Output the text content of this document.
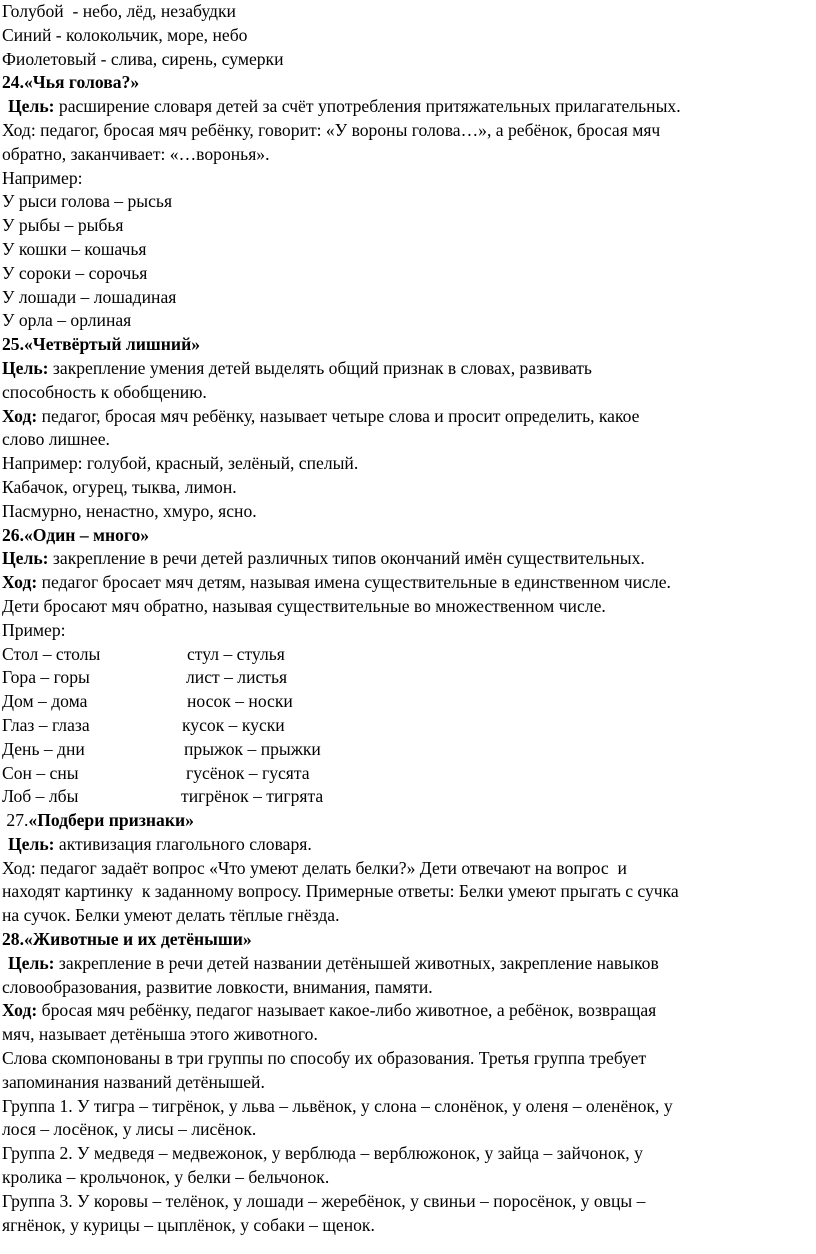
Голубой  - небо, лёд, незабудки
Синий - колокольчик, море, небо
Фиолетовый - слива, сирень, сумерки
24.«Чья голова?»
Цель: расширение словаря детей за счёт употребления притяжательных прилагательных.
Ход: педагог, бросая мяч ребёнку, говорит: «У вороны голова…», а ребёнок, бросая мяч
обратно, заканчивает: «…воронья».
Например:
У рыси голова – рысья
У рыбы – рыбья
У кошки – кошачья
У сороки – сорочья
У лошади – лошадиная
У орла – орлиная
25.«Четвёртый лишний»
Цель: закрепление умения детей выделять общий признак в словах, развивать
способность к обобщению.
Ход: педагог, бросая мяч ребёнку, называет четыре слова и просит определить, какое
слово лишнее.
Например: голубой, красный, зелёный, спелый.
Кабачок, огурец, тыква, лимон.
Пасмурно, ненастно, хмуро, ясно.
26.«Один – много»
Цель: закрепление в речи детей различных типов окончаний имён существительных.
Ход: педагог бросает мяч детям, называя имена существительные в единственном числе.
Дети бросают мяч обратно, называя существительные во множественном числе.
Пример:
Стол – столы	стул – стулья
Гора – горы	лист – листья
Дом – дома	носок – носки
Глаз – глаза	кусок – куски
День – дни	прыжок – прыжки
Сон – сны	гусёнок – гусята
Лоб – лбы	тигрёнок – тигрята
27.«Подбери признаки»
Цель: активизация глагольного словаря.
Ход: педагог задаёт вопрос «Что умеют делать белки?» Дети отвечают на вопрос  и
находят картинку  к заданному вопросу. Примерные ответы: Белки умеют прыгать с сучка
на сучок. Белки умеют делать тёплые гнёзда.
28.«Животные и их детёныши»
Цель: закрепление в речи детей названии детёнышей животных, закрепление навыков
словообразования, развитие ловкости, внимания, памяти.
Ход: бросая мяч ребёнку, педагог называет какое-либо животное, а ребёнок, возвращая
мяч, называет детёныша этого животного.
Слова скомпонованы в три группы по способу их образования. Третья группа требует
запоминания названий детёнышей.
Группа 1. У тигра – тигрёнок, у льва – львёнок, у слона – слонёнок, у оленя – оленёнок, у
лося – лосёнок, у лисы – лисёнок.
Группа 2. У медведя – медвежонок, у верблюда – верблюжонок, у зайца – зайчонок, у
кролика – крольчонок, у белки – бельчонок.
Группа 3. У коровы – телёнок, у лошади – жеребёнок, у свиньи – поросёнок, у овцы –
ягнёнок, у курицы – цыплёнок, у собаки – щенок.
